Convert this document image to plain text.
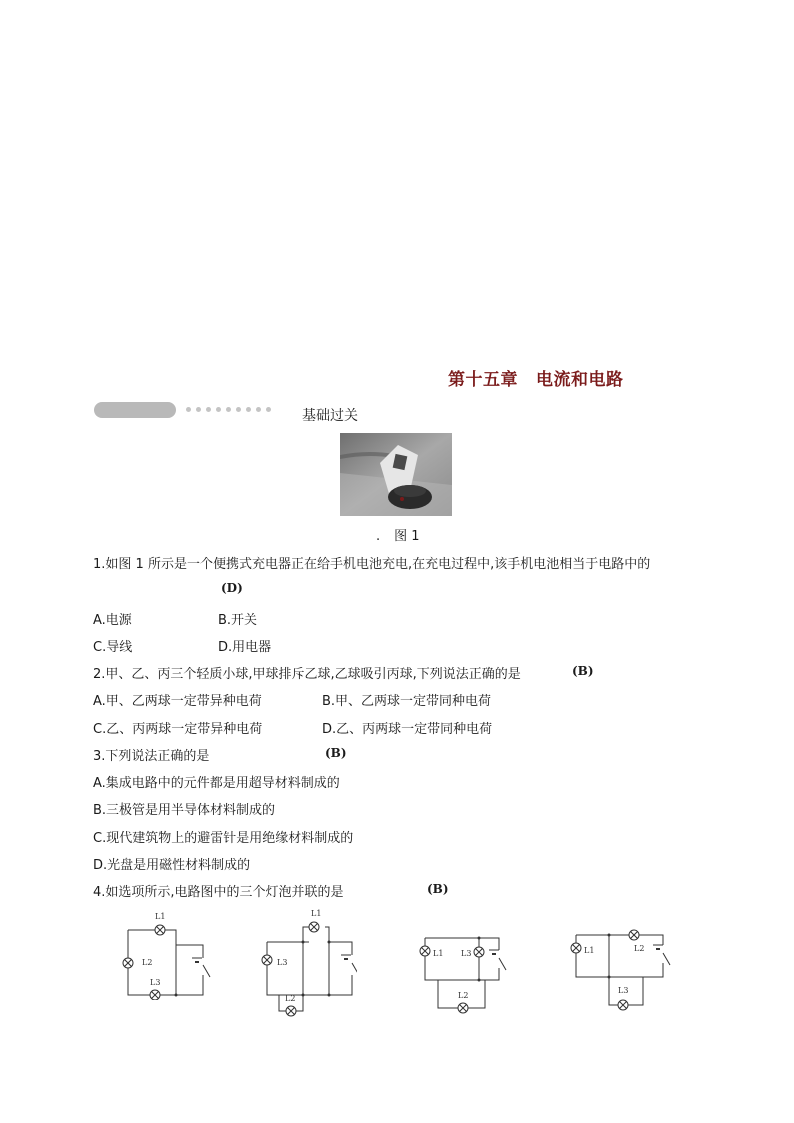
第十五章 电流和电路
基础过关
. 图 1
1.如图 1 所示是一个便携式充电器正在给手机电池充电,在充电过程中,该手机电池相当于电路中的
(D)
A.电源	B.开关
C.导线	D.用电器
2.甲、乙、丙三个轻质小球,甲球排斥乙球,乙球吸引丙球,下列说法正确的是	(B)
A.甲、乙两球一定带异种电荷	B.甲、乙两球一定带同种电荷
C.乙、丙两球一定带异种电荷	D.乙、丙两球一定带同种电荷
3.下列说法正确的是	(B)
A.集成电路中的元件都是用超导材料制成的
B.三极管是用半导体材料制成的
C.现代建筑物上的避雷针是用绝缘材料制成的
D.光盘是用磁性材料制成的
4.如选项所示,电路图中的三个灯泡并联的是	(B)
L1
L2
L3
L1
L3
L2
L1 L3
L2
L1	L2
L3
